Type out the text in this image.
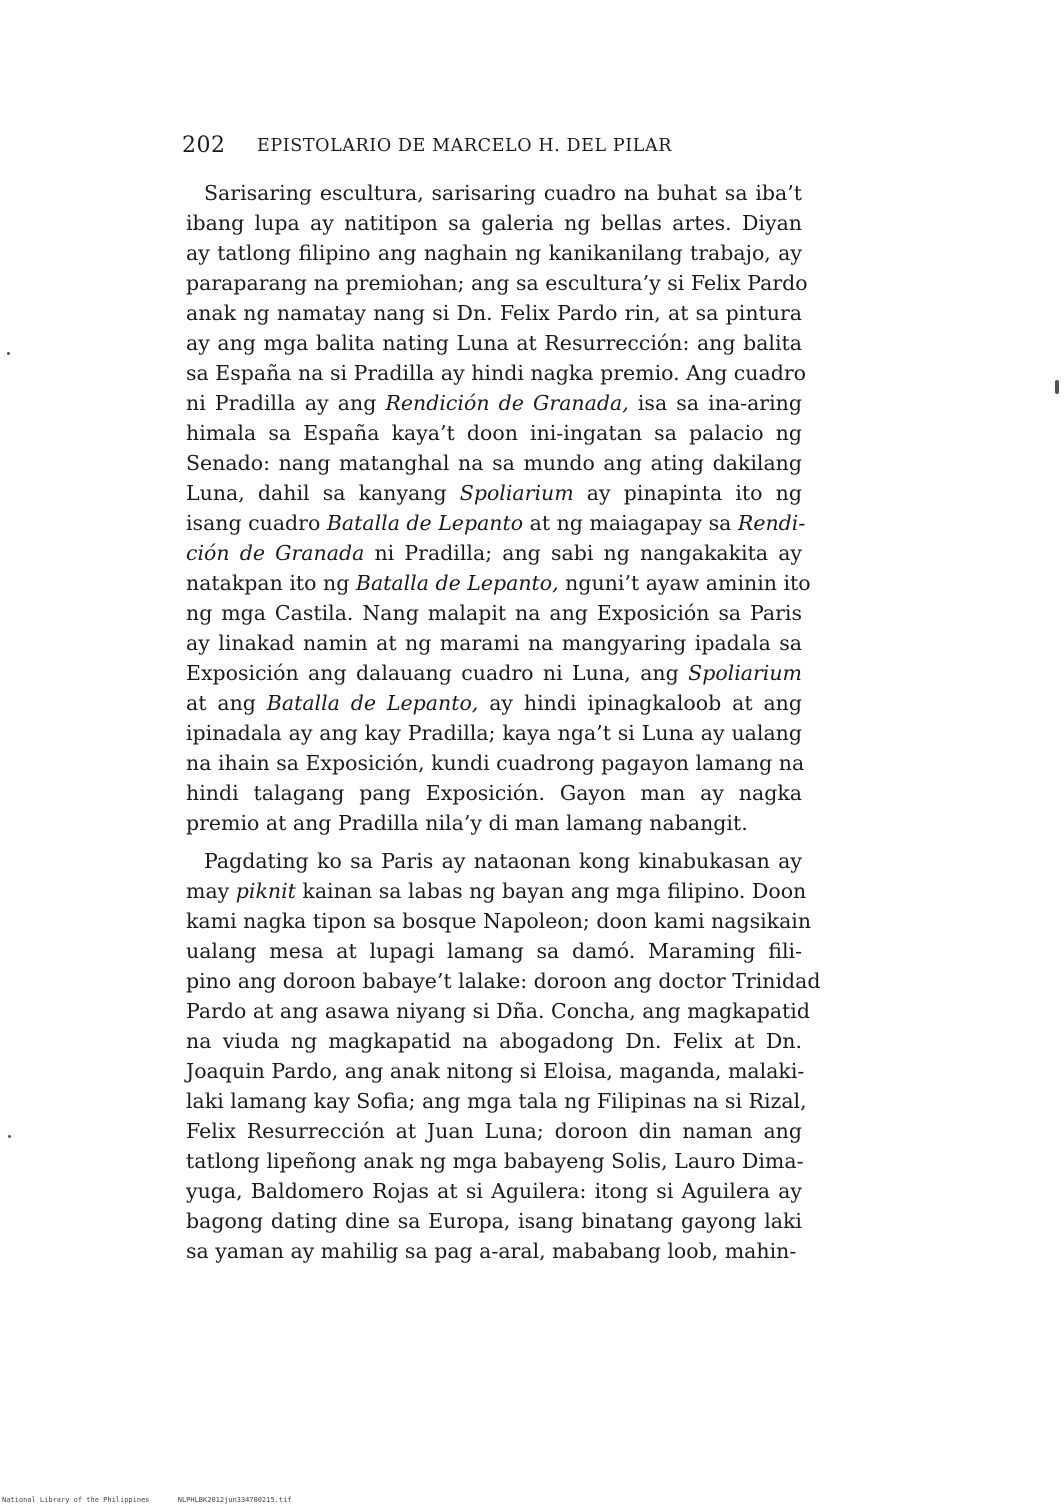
202 EPISTOLARIO DE MARCELO H. DEL PILAR
Sarisaring escultura, sarisaring cuadro na buhat sa iba’t
ibang lupa ay natitipon sa galeria ng bellas artes. Diyan
ay tatlong filipino ang naghain ng kanikanilang trabajo, ay
paraparang na premiohan; ang sa escultura’y si Felix Pardo
anak ng namatay nang si Dn. Felix Pardo rin, at sa pintura
ay ang mga balita nating Luna at Resurrección: ang balita
sa España na si Pradilla ay hindi nagka premio. Ang cuadro
ni Pradilla ay ang Rendición de Granada, isa sa ina-aring
himala sa España kaya’t doon ini-ingatan sa palacio ng
Senado: nang matanghal na sa mundo ang ating dakilang
Luna, dahil sa kanyang Spoliarium ay pinapinta ito ng
isang cuadro Batalla de Lepanto at ng maiagapay sa Rendi-
ción de Granada ni Pradilla; ang sabi ng nangakakita ay
natakpan ito ng Batalla de Lepanto, nguni’t ayaw aminin ito
ng mga Castila. Nang malapit na ang Exposición sa Paris
ay linakad namin at ng marami na mangyaring ipadala sa
Exposición ang dalauang cuadro ni Luna, ang Spoliarium
at ang Batalla de Lepanto, ay hindi ipinagkaloob at ang
ipinadala ay ang kay Pradilla; kaya nga’t si Luna ay ualang
na ihain sa Exposición, kundi cuadrong pagayon lamang na
hindi talagang pang Exposición. Gayon man ay nagka
premio at ang Pradilla nila’y di man lamang nabangit.
Pagdating ko sa Paris ay nataonan kong kinabukasan ay
may piknit kainan sa labas ng bayan ang mga filipino. Doon
kami nagka tipon sa bosque Napoleon; doon kami nagsikain
ualang mesa at lupagi lamang sa damó. Maraming fili-
pino ang doroon babaye’t lalake: doroon ang doctor Trinidad
Pardo at ang asawa niyang si Dña. Concha, ang magkapatid
na viuda ng magkapatid na abogadong Dn. Felix at Dn.
Joaquin Pardo, ang anak nitong si Eloisa, maganda, malaki-
laki lamang kay Sofia; ang mga tala ng Filipinas na si Rizal,
Felix Resurrección at Juan Luna; doroon din naman ang
tatlong lipeñong anak ng mga babayeng Solis, Lauro Dima-
yuga, Baldomero Rojas at si Aguilera: itong si Aguilera ay
bagong dating dine sa Europa, isang binatang gayong laki
sa yaman ay mahilig sa pag a-aral, mababang loob, mahin-
National Library of the Philippines	NLPHLBK2012jun334780215.tif
